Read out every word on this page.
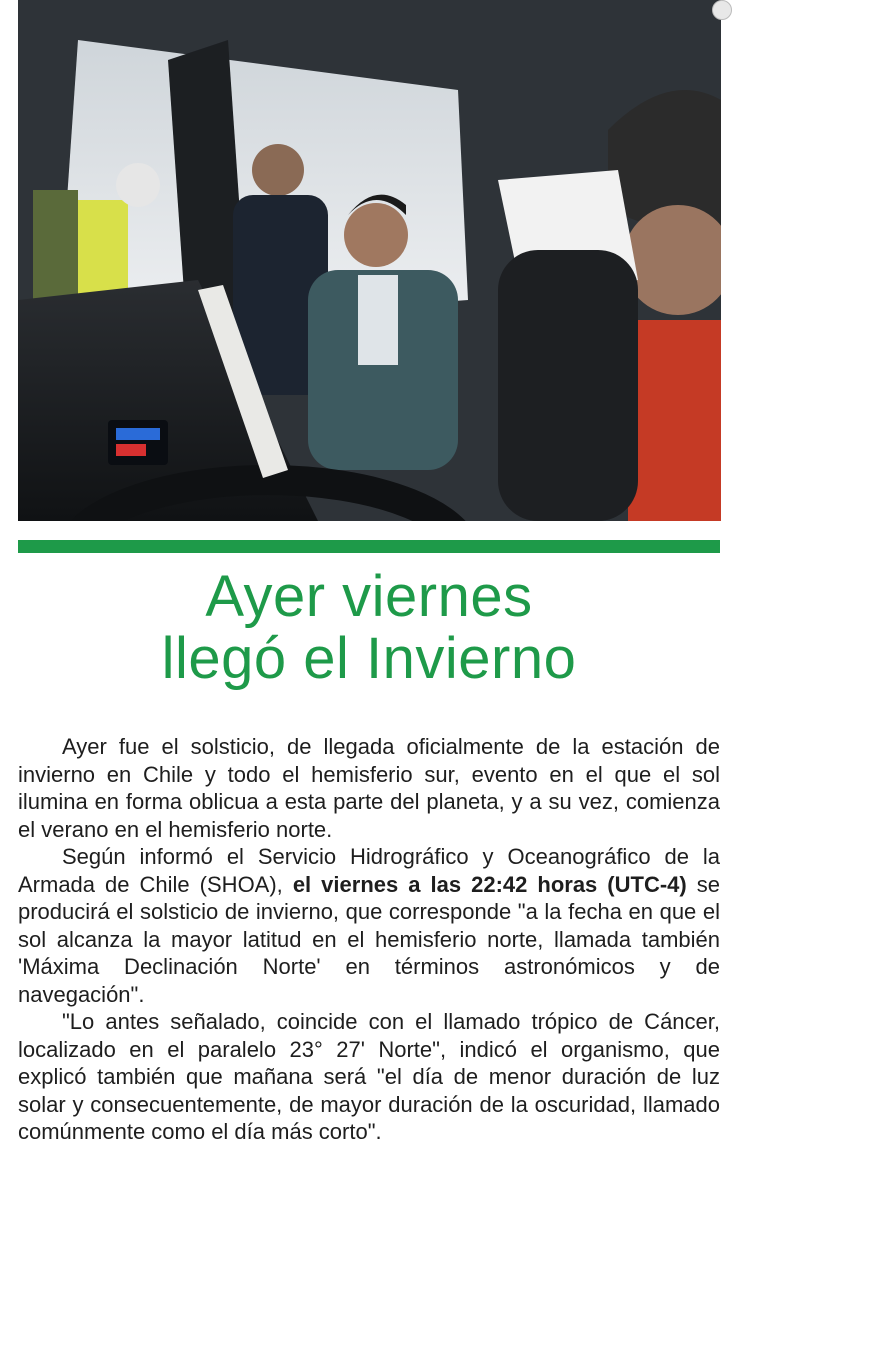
Ayer viernes
llegó el Invierno

Ayer fue el solsticio, de llegada oficialmente de la estación de invierno en Chile y todo el hemisferio sur, evento en el que el sol ilumina en forma oblicua a esta parte del planeta, y a su vez, comienza el verano en el hemisferio norte.

Según informó el Servicio Hidrográfico y Oceanográfico de la Armada de Chile (SHOA), el viernes a las 22:42 horas (UTC-4) se producirá el solsticio de invierno, que corresponde "a la fecha en que el sol alcanza la mayor latitud en el hemisferio norte, llamada también 'Máxima Declinación Norte' en términos astronómicos y de navegación".

"Lo antes señalado, coincide con el llamado trópico de Cáncer, localizado en el paralelo 23° 27' Norte", indicó el organismo, que explicó también que mañana será "el día de menor duración de luz solar y consecuentemente, de mayor duración de la oscuridad, llamado comúnmente como el día más corto".
